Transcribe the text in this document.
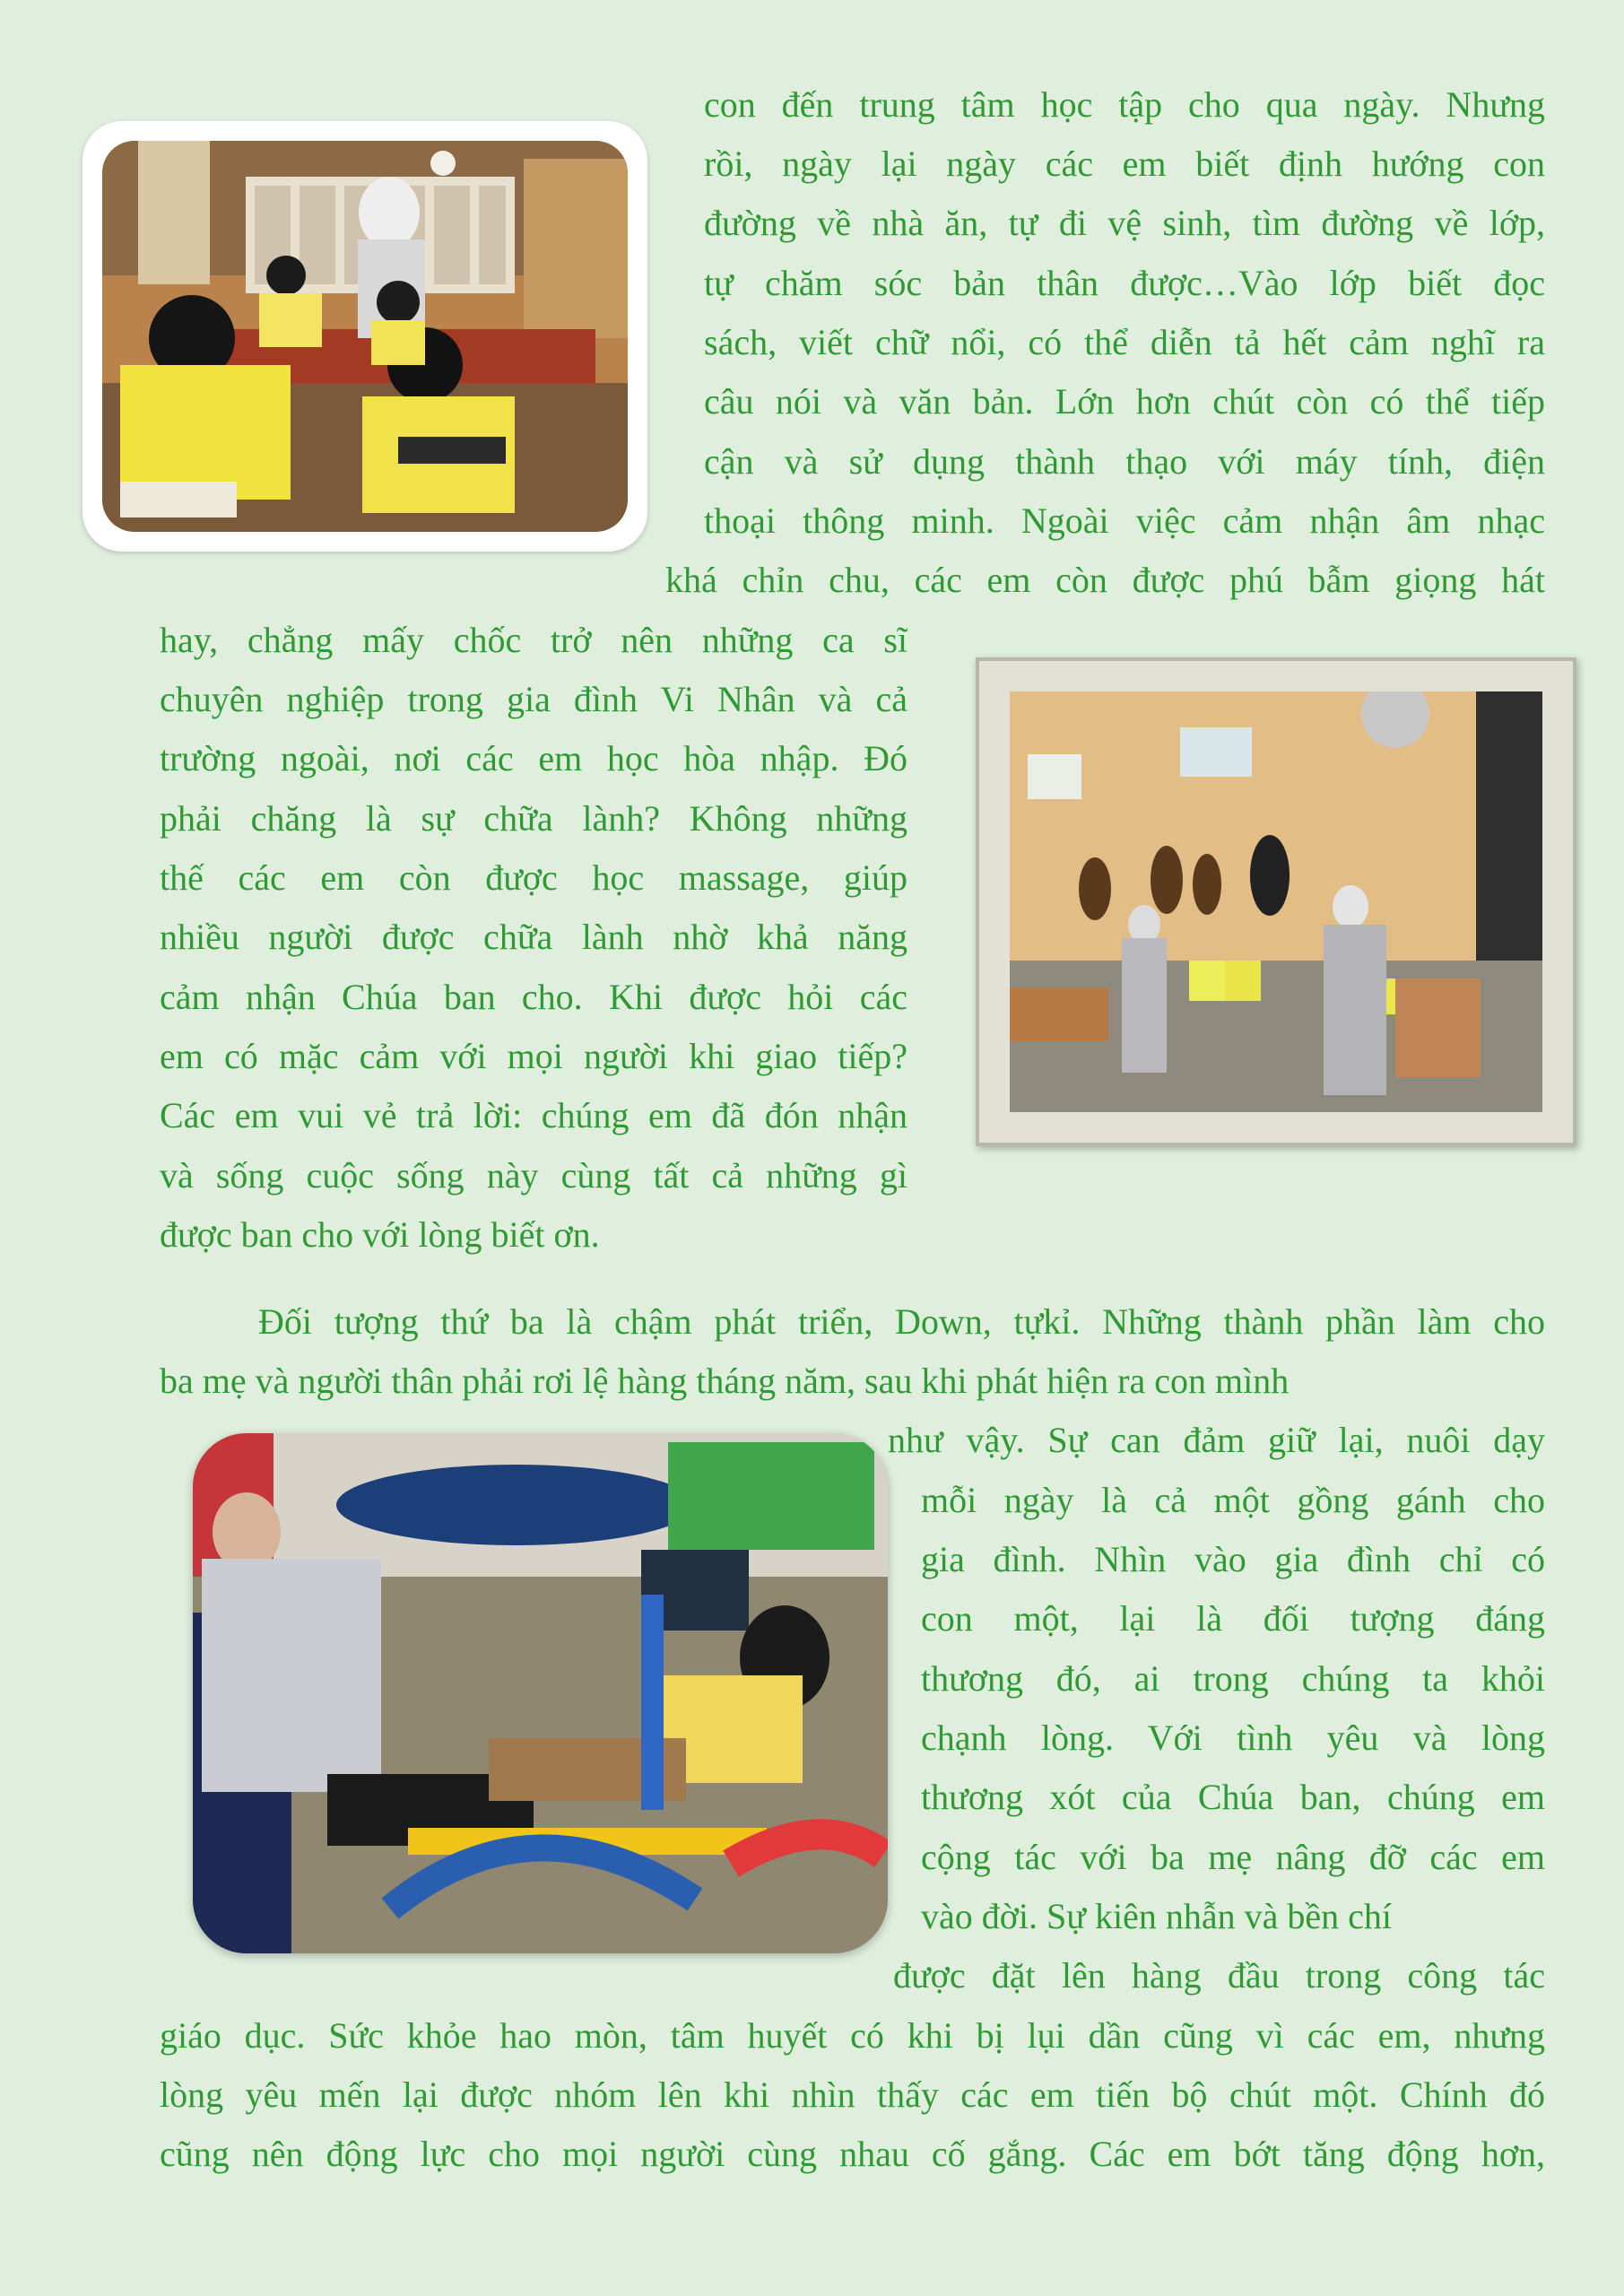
con đến trung tâm học tập cho qua ngày. Nhưng
rồi, ngày lại ngày các em biết định hướng con
đường về nhà ăn, tự đi vệ sinh, tìm đường về lớp,
tự chăm sóc bản thân được…Vào lớp biết đọc
sách, viết chữ nổi, có thể diễn tả hết cảm nghĩ ra
câu nói và văn bản. Lớn hơn chút còn có thể tiếp
cận và sử dụng thành thạo với máy tính, điện
thoại thông minh. Ngoài việc cảm nhận âm nhạc
khá chỉn chu, các em còn được phú bẫm giọng hát
hay, chẳng mấy chốc trở nên những ca sĩ
chuyên nghiệp trong gia đình Vi Nhân và cả
trường ngoài, nơi các em học hòa nhập. Đó
phải chăng là sự chữa lành? Không những
thế các em còn được học massage, giúp
nhiều người được chữa lành nhờ khả năng
cảm nhận Chúa ban cho. Khi được hỏi các
em có mặc cảm với mọi người khi giao tiếp?
Các em vui vẻ trả lời: chúng em đã đón nhận
và sống cuộc sống này cùng tất cả những gì
được ban cho với lòng biết ơn.
Đối tượng thứ ba là chậm phát triển, Down, tựkỉ. Những thành phần làm cho
ba mẹ và người thân phải rơi lệ hàng tháng năm, sau khi phát hiện ra con mình
như vậy. Sự can đảm giữ lại, nuôi dạy
mỗi ngày là cả một gồng gánh cho
gia đình. Nhìn vào gia đình chỉ có
con một, lại là đối tượng đáng
thương đó, ai trong chúng ta khỏi
chạnh lòng. Với tình yêu và lòng
thương xót của Chúa ban, chúng em
cộng tác với ba mẹ nâng đỡ các em
vào đời. Sự kiên nhẫn và bền chí
được đặt lên hàng đầu trong công tác
giáo dục. Sức khỏe hao mòn, tâm huyết có khi bị lụi dần cũng vì các em, nhưng
lòng yêu mến lại được nhóm lên khi nhìn thấy các em tiến bộ chút một. Chính đó
cũng nên động lực cho mọi người cùng nhau cố gắng. Các em bớt tăng động hơn,
